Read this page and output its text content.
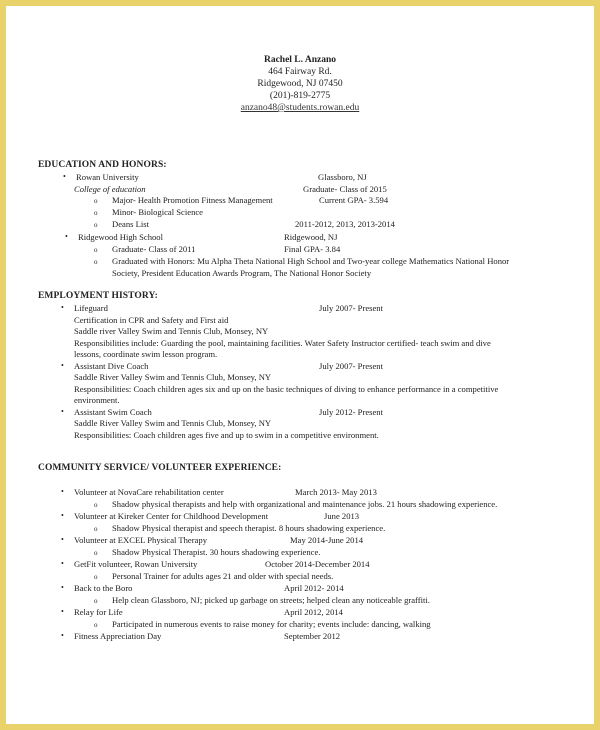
Rachel L. Anzano
464 Fairway Rd.
Ridgewood, NJ 07450
(201)-819-2775
anzano48@students.rowan.edu
EDUCATION AND HONORS:
• Rowan University	Glassboro, NJ
College of education	Graduate- Class of 2015
o Major- Health Promotion Fitness Management	Current GPA- 3.594
o Minor- Biological Science
o Deans List	2011-2012, 2013, 2013-2014
• Ridgewood High School	Ridgewood, NJ
o Graduate- Class of 2011	Final GPA- 3.84
o Graduated with Honors: Mu Alpha Theta National High School and Two-year college Mathematics National Honor
Society, President Education Awards Program, The National Honor Society
EMPLOYMENT HISTORY:
• Lifeguard	July 2007- Present
Certification in CPR and Safety and First aid
Saddle river Valley Swim and Tennis Club, Monsey, NY
Responsibilities include: Guarding the pool, maintaining facilities. Water Safety Instructor certified- teach swim and dive
lessons, coordinate swim lesson program.
• Assistant Dive Coach	July 2007- Present
Saddle River Valley Swim and Tennis Club, Monsey, NY
Responsibilities: Coach children ages six and up on the basic techniques of diving to enhance performance in a competitive
environment.
• Assistant Swim Coach	July 2012- Present
Saddle River Valley Swim and Tennis Club, Monsey, NY
Responsibilities: Coach children ages five and up to swim in a competitive environment.
COMMUNITY SERVICE/ VOLUNTEER EXPERIENCE:
• Volunteer at NovaCare rehabilitation center	March 2013- May 2013
o Shadow physical therapists and help with organizational and maintenance jobs. 21 hours shadowing experience.
• Volunteer at Kireker Center for Childhood Development	June 2013
o Shadow Physical therapist and speech therapist. 8 hours shadowing experience.
• Volunteer at EXCEL Physical Therapy	May 2014-June 2014
o Shadow Physical Therapist. 30 hours shadowing experience.
• GetFit volunteer, Rowan University	October 2014-December 2014
o Personal Trainer for adults ages 21 and older with special needs.
• Back to the Boro	April 2012- 2014
o Help clean Glassboro, NJ; picked up garbage on streets; helped clean any noticeable graffiti.
• Relay for Life	April 2012, 2014
o Participated in numerous events to raise money for charity; events include: dancing, walking
• Fitness Appreciation Day	September 2012
